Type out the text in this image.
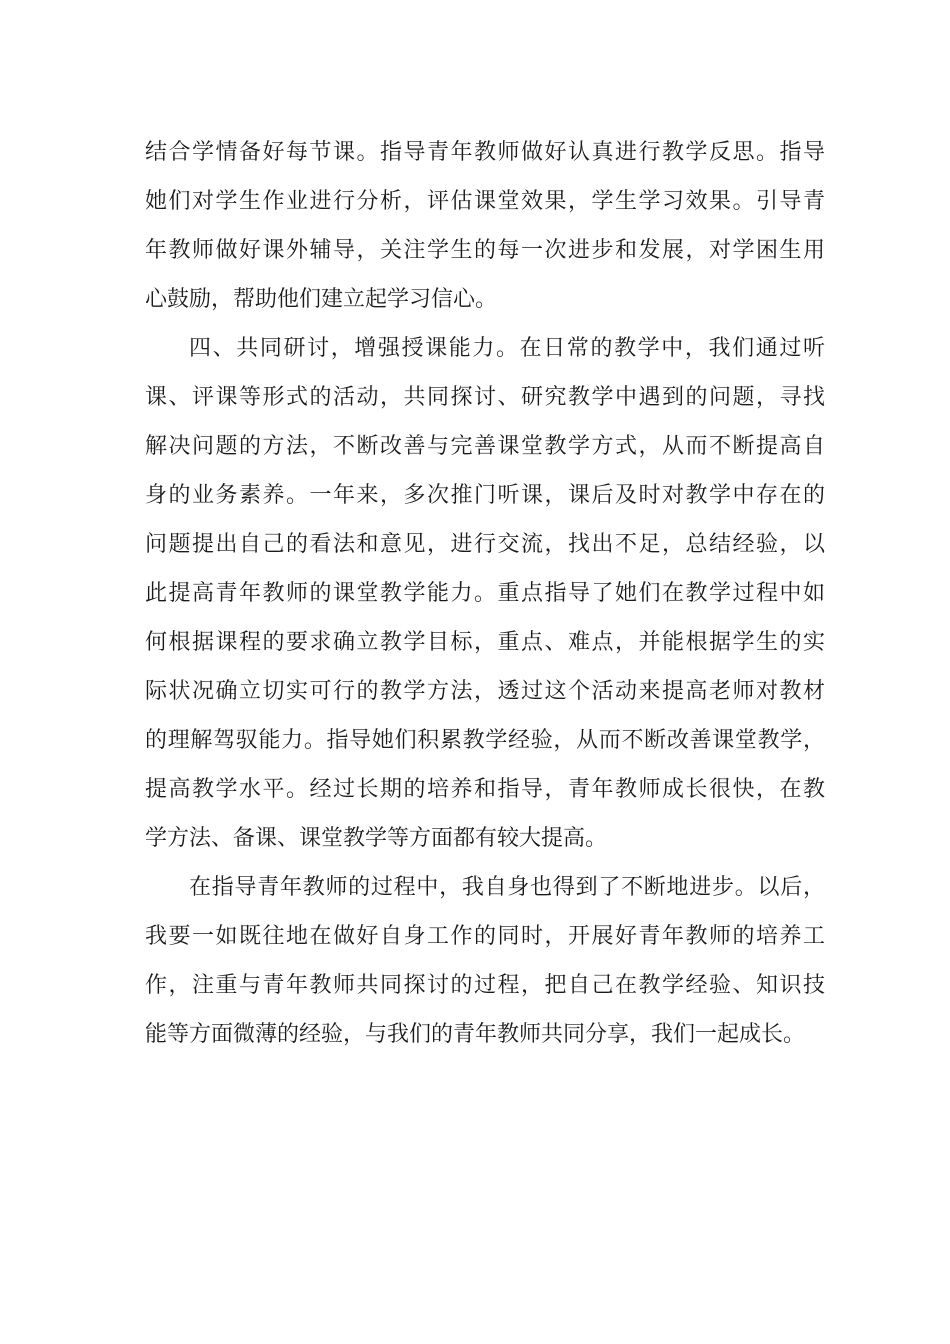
结合学情备好每节课。指导青年教师做好认真进行教学反思。指导
她们对学生作业进行分析，评估课堂效果，学生学习效果。引导青
年教师做好课外辅导，关注学生的每一次进步和发展，对学困生用
心鼓励，帮助他们建立起学习信心。
四、共同研讨，增强授课能力。在日常的教学中，我们通过听
课、评课等形式的活动，共同探讨、研究教学中遇到的问题，寻找
解决问题的方法，不断改善与完善课堂教学方式，从而不断提高自
身的业务素养。一年来，多次推门听课，课后及时对教学中存在的
问题提出自己的看法和意见，进行交流，找出不足，总结经验，以
此提高青年教师的课堂教学能力。重点指导了她们在教学过程中如
何根据课程的要求确立教学目标，重点、难点，并能根据学生的实
际状况确立切实可行的教学方法，透过这个活动来提高老师对教材
的理解驾驭能力。指导她们积累教学经验，从而不断改善课堂教学，
提高教学水平。经过长期的培养和指导，青年教师成长很快，在教
学方法、备课、课堂教学等方面都有较大提高。
在指导青年教师的过程中，我自身也得到了不断地进步。以后，
我要一如既往地在做好自身工作的同时，开展好青年教师的培养工
作，注重与青年教师共同探讨的过程，把自己在教学经验、知识技
能等方面微薄的经验，与我们的青年教师共同分享，我们一起成长。
